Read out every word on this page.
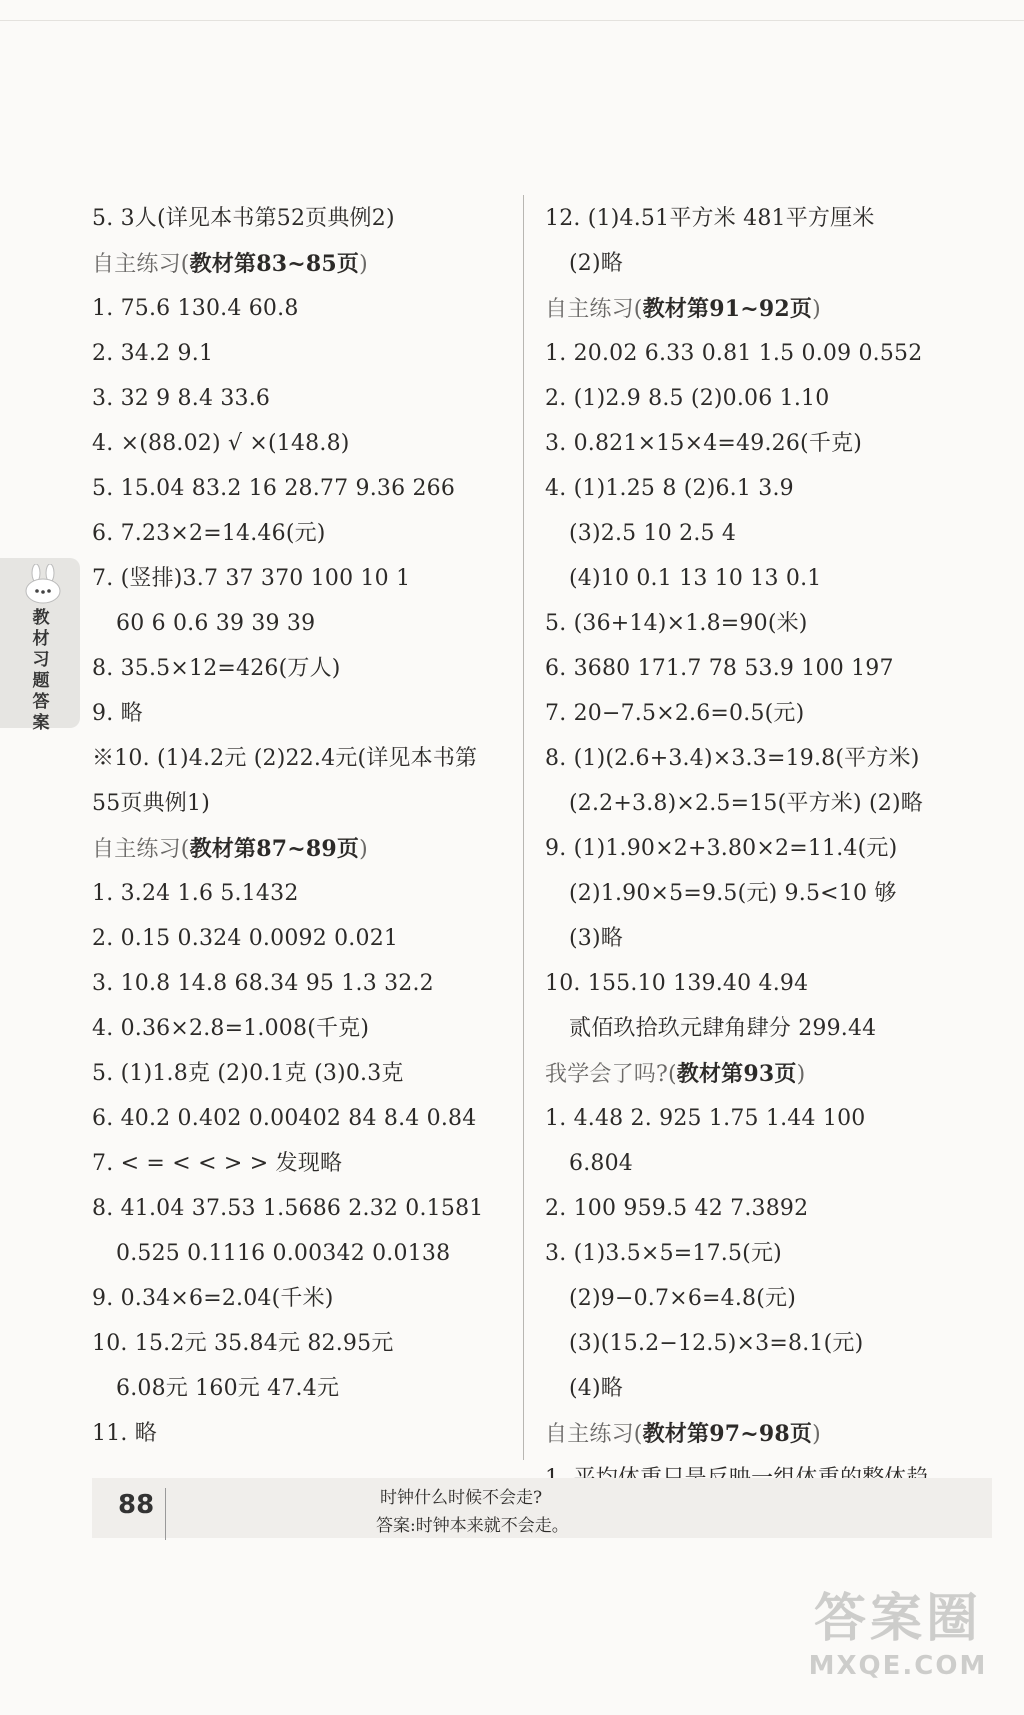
教材习题答案
5. 3人(详见本书第52页典例2)
自主练习(教材第83~85页)
1. 75.6 130.4 60.8
2. 34.2 9.1
3. 32 9 8.4 33.6
4. ×(88.02) √ ×(148.8)
5. 15.04 83.2 16 28.77 9.36 266
6. 7.23×2=14.46(元)
7. (竖排)3.7 37 370 100 10 1
60 6 0.6 39 39 39
8. 35.5×12=426(万人)
9. 略
※10. (1)4.2元 (2)22.4元(详见本书第
55页典例1)
自主练习(教材第87~89页)
1. 3.24 1.6 5.1432
2. 0.15 0.324 0.0092 0.021
3. 10.8 14.8 68.34 95 1.3 32.2
4. 0.36×2.8=1.008(千克)
5. (1)1.8克 (2)0.1克 (3)0.3克
6. 40.2 0.402 0.00402 84 8.4 0.84
7. < = < < > > 发现略
8. 41.04 37.53 1.5686 2.32 0.1581
0.525 0.1116 0.00342 0.0138
9. 0.34×6=2.04(千米)
10. 15.2元 35.84元 82.95元
6.08元 160元 47.4元
11. 略
12. (1)4.51平方米 481平方厘米
(2)略
自主练习(教材第91~92页)
1. 20.02 6.33 0.81 1.5 0.09 0.552
2. (1)2.9 8.5 (2)0.06 1.10
3. 0.821×15×4=49.26(千克)
4. (1)1.25 8 (2)6.1 3.9
(3)2.5 10 2.5 4
(4)10 0.1 13 10 13 0.1
5. (36+14)×1.8=90(米)
6. 3680 171.7 78 53.9 100 197
7. 20−7.5×2.6=0.5(元)
8. (1)(2.6+3.4)×3.3=19.8(平方米)
(2.2+3.8)×2.5=15(平方米) (2)略
9. (1)1.90×2+3.80×2=11.4(元)
(2)1.90×5=9.5(元) 9.5<10 够
(3)略
10. 155.10 139.40 4.94
贰佰玖拾玖元肆角肆分 299.44
我学会了吗?(教材第93页)
1. 4.48 2. 925 1.75 1.44 100
6.804
2. 100 959.5 42 7.3892
3. (1)3.5×5=17.5(元)
(2)9−0.7×6=4.8(元)
(3)(15.2−12.5)×3=8.1(元)
(4)略
自主练习(教材第97~98页)
88	时钟什么时候不会走?
答案:时钟本来就不会走。
答案圈
MXQE.COM
